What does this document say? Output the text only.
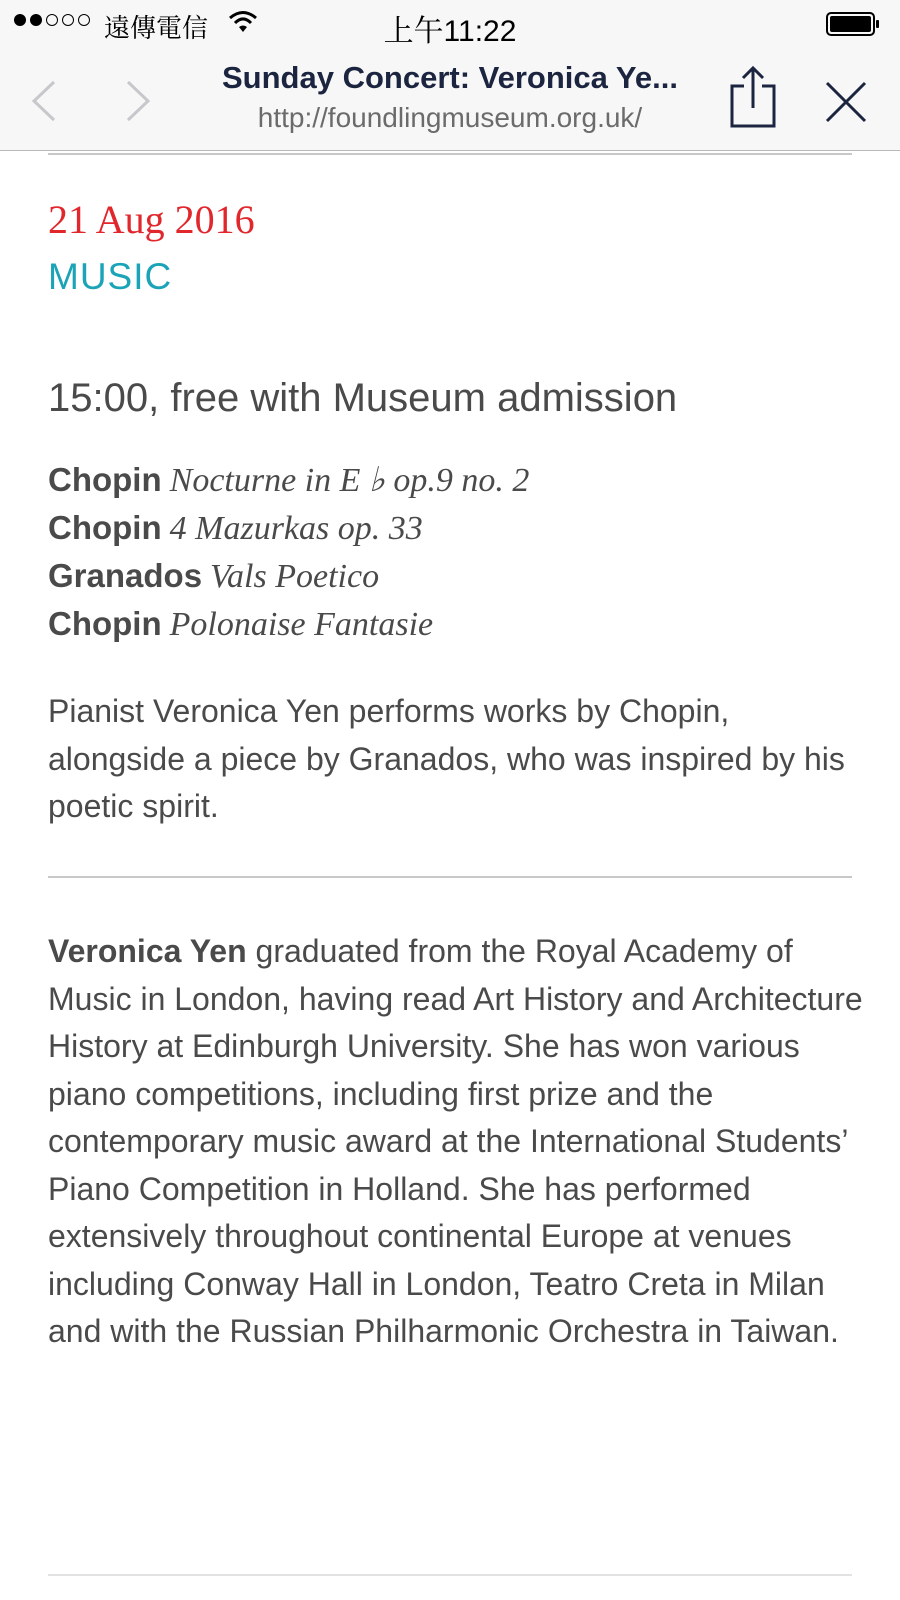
遠傳電信	上午11:22
Sunday Concert: Veronica Ye...
http://foundlingmuseum.org.uk/
21 Aug 2016
MUSIC
15:00, free with Museum admission
Chopin Nocturne in E ♭ op.9 no. 2
Chopin 4 Mazurkas op. 33
Granados Vals Poetico
Chopin Polonaise Fantasie
Pianist Veronica Yen performs works by Chopin, alongside a piece by Granados, who was inspired by his poetic spirit.
Veronica Yen graduated from the Royal Academy of Music in London, having read Art History and Architecture History at Edinburgh University. She has won various piano competitions, including first prize and the contemporary music award at the International Students’ Piano Competition in Holland. She has performed extensively throughout continental Europe at venues including Conway Hall in London, Teatro Creta in Milan and with the Russian Philharmonic Orchestra in Taiwan.
